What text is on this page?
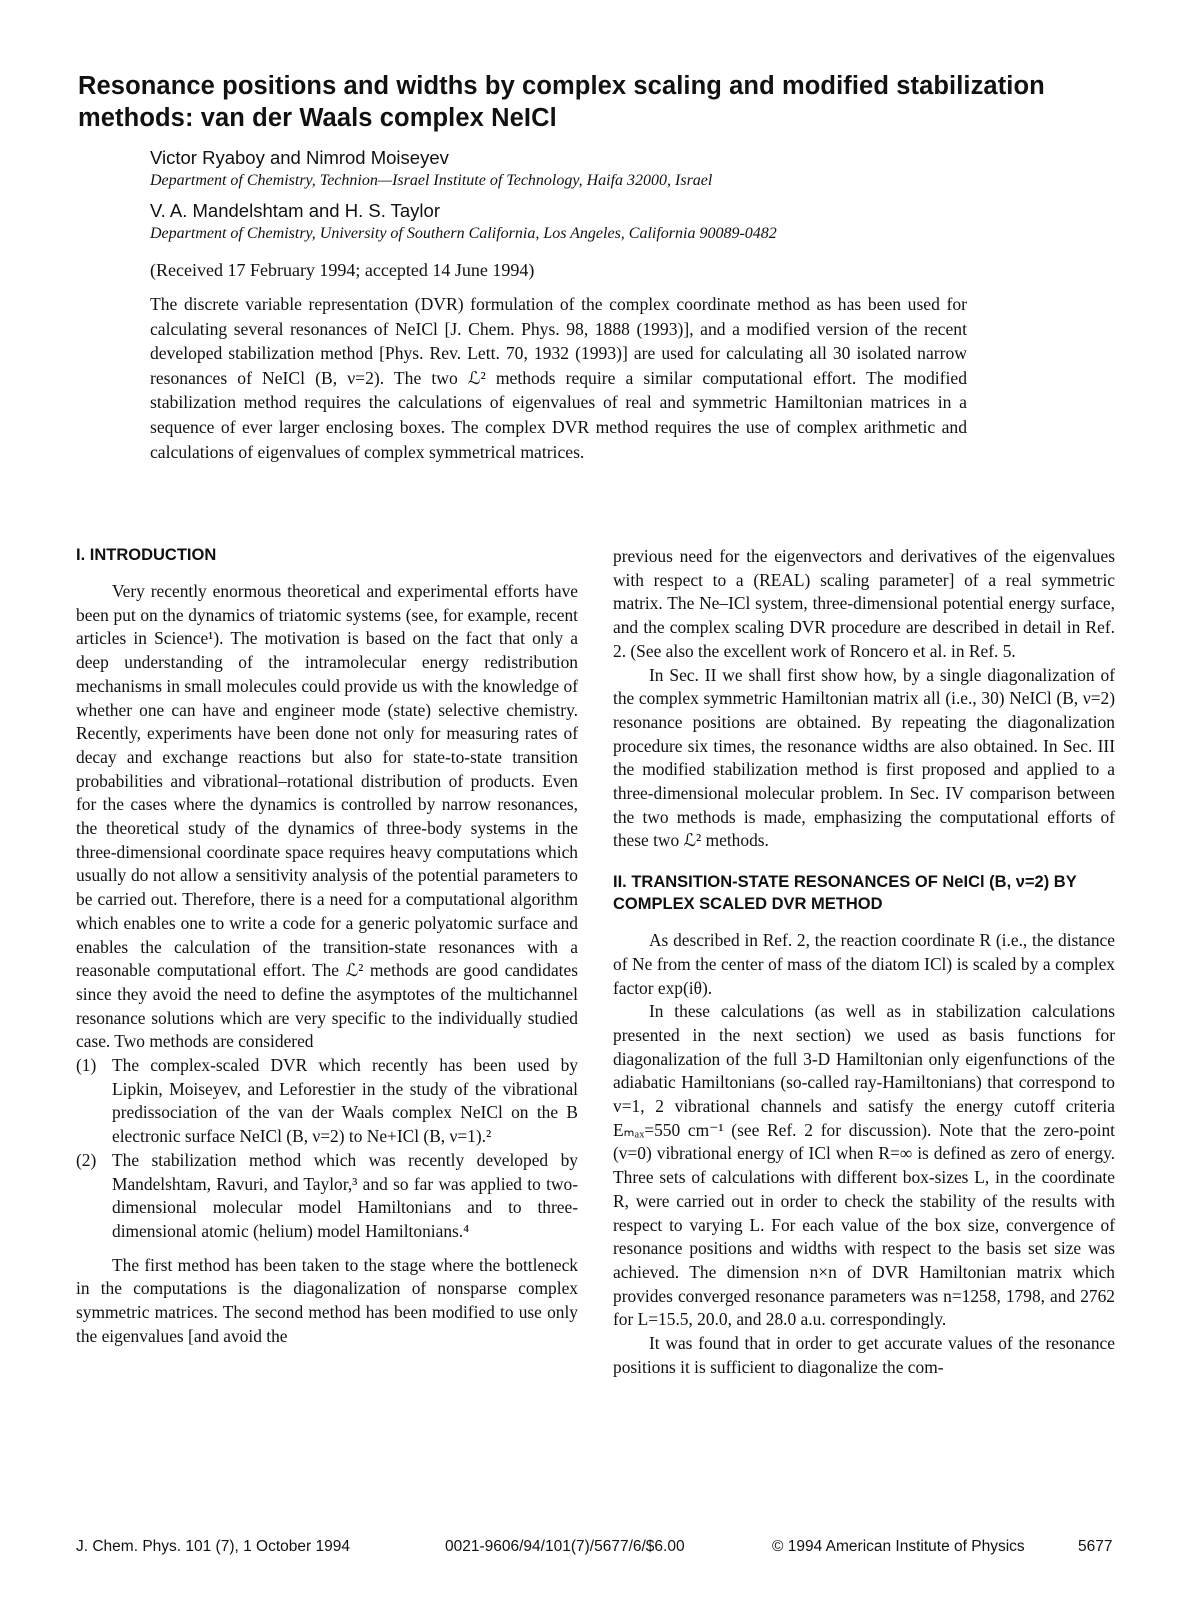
Resonance positions and widths by complex scaling and modified stabilization methods: van der Waals complex NeICl
Victor Ryaboy and Nimrod Moiseyev
Department of Chemistry, Technion—Israel Institute of Technology, Haifa 32000, Israel
V. A. Mandelshtam and H. S. Taylor
Department of Chemistry, University of Southern California, Los Angeles, California 90089-0482
(Received 17 February 1994; accepted 14 June 1994)
The discrete variable representation (DVR) formulation of the complex coordinate method as has been used for calculating several resonances of NeICl [J. Chem. Phys. 98, 1888 (1993)], and a modified version of the recent developed stabilization method [Phys. Rev. Lett. 70, 1932 (1993)] are used for calculating all 30 isolated narrow resonances of NeICl (B, ν=2). The two ℒ² methods require a similar computational effort. The modified stabilization method requires the calculations of eigenvalues of real and symmetric Hamiltonian matrices in a sequence of ever larger enclosing boxes. The complex DVR method requires the use of complex arithmetic and calculations of eigenvalues of complex symmetrical matrices.
I. INTRODUCTION

Very recently enormous theoretical and experimental efforts have been put on the dynamics of triatomic systems (see, for example, recent articles in Science¹). The motivation is based on the fact that only a deep understanding of the intramolecular energy redistribution mechanisms in small molecules could provide us with the knowledge of whether one can have and engineer mode (state) selective chemistry. Recently, experiments have been done not only for measuring rates of decay and exchange reactions but also for state-to-state transition probabilities and vibrational–rotational distribution of products. Even for the cases where the dynamics is controlled by narrow resonances, the theoretical study of the dynamics of three-body systems in the three-dimensional coordinate space requires heavy computations which usually do not allow a sensitivity analysis of the potential parameters to be carried out. Therefore, there is a need for a computational algorithm which enables one to write a code for a generic polyatomic surface and enables the calculation of the transition-state resonances with a reasonable computational effort. The ℒ² methods are good candidates since they avoid the need to define the asymptotes of the multichannel resonance solutions which are very specific to the individually studied case. Two methods are considered

(1) The complex-scaled DVR which recently has been used by Lipkin, Moiseyev, and Leforestier in the study of the vibrational predissociation of the van der Waals complex NeICl on the B electronic surface NeICl (B, ν=2) to Ne+ICl (B, ν=1).²
(2) The stabilization method which was recently developed by Mandelshtam, Ravuri, and Taylor,³ and so far was applied to two-dimensional molecular model Hamiltonians and to three-dimensional atomic (helium) model Hamiltonians.⁴

The first method has been taken to the stage where the bottleneck in the computations is the diagonalization of nonsparse complex symmetric matrices. The second method has been modified to use only the eigenvalues [and avoid the

previous need for the eigenvectors and derivatives of the eigenvalues with respect to a (REAL) scaling parameter] of a real symmetric matrix. The Ne–ICl system, three-dimensional potential energy surface, and the complex scaling DVR procedure are described in detail in Ref. 2. (See also the excellent work of Roncero et al. in Ref. 5.

In Sec. II we shall first show how, by a single diagonalization of the complex symmetric Hamiltonian matrix all (i.e., 30) NeICl (B, ν=2) resonance positions are obtained. By repeating the diagonalization procedure six times, the resonance widths are also obtained. In Sec. III the modified stabilization method is first proposed and applied to a three-dimensional molecular problem. In Sec. IV comparison between the two methods is made, emphasizing the computational efforts of these two ℒ² methods.

II. TRANSITION-STATE RESONANCES OF NeICl (B, ν=2) BY COMPLEX SCALED DVR METHOD

As described in Ref. 2, the reaction coordinate R (i.e., the distance of Ne from the center of mass of the diatom ICl) is scaled by a complex factor exp(iθ).

In these calculations (as well as in stabilization calculations presented in the next section) we used as basis functions for diagonalization of the full 3-D Hamiltonian only eigenfunctions of the adiabatic Hamiltonians (so-called ray-Hamiltonians) that correspond to v=1, 2 vibrational channels and satisfy the energy cutoff criteria Eₘₐₓ=550 cm⁻¹ (see Ref. 2 for discussion). Note that the zero-point (v=0) vibrational energy of ICl when R=∞ is defined as zero of energy. Three sets of calculations with different box-sizes L, in the coordinate R, were carried out in order to check the stability of the results with respect to varying L. For each value of the box size, convergence of resonance positions and widths with respect to the basis set size was achieved. The dimension n×n of DVR Hamiltonian matrix which provides converged resonance parameters was n=1258, 1798, and 2762 for L=15.5, 20.0, and 28.0 a.u. correspondingly.

It was found that in order to get accurate values of the resonance positions it is sufficient to diagonalize the com-

J. Chem. Phys. 101 (7), 1 October 1994	0021-9606/94/101(7)/5677/6/$6.00	© 1994 American Institute of Physics	5677
